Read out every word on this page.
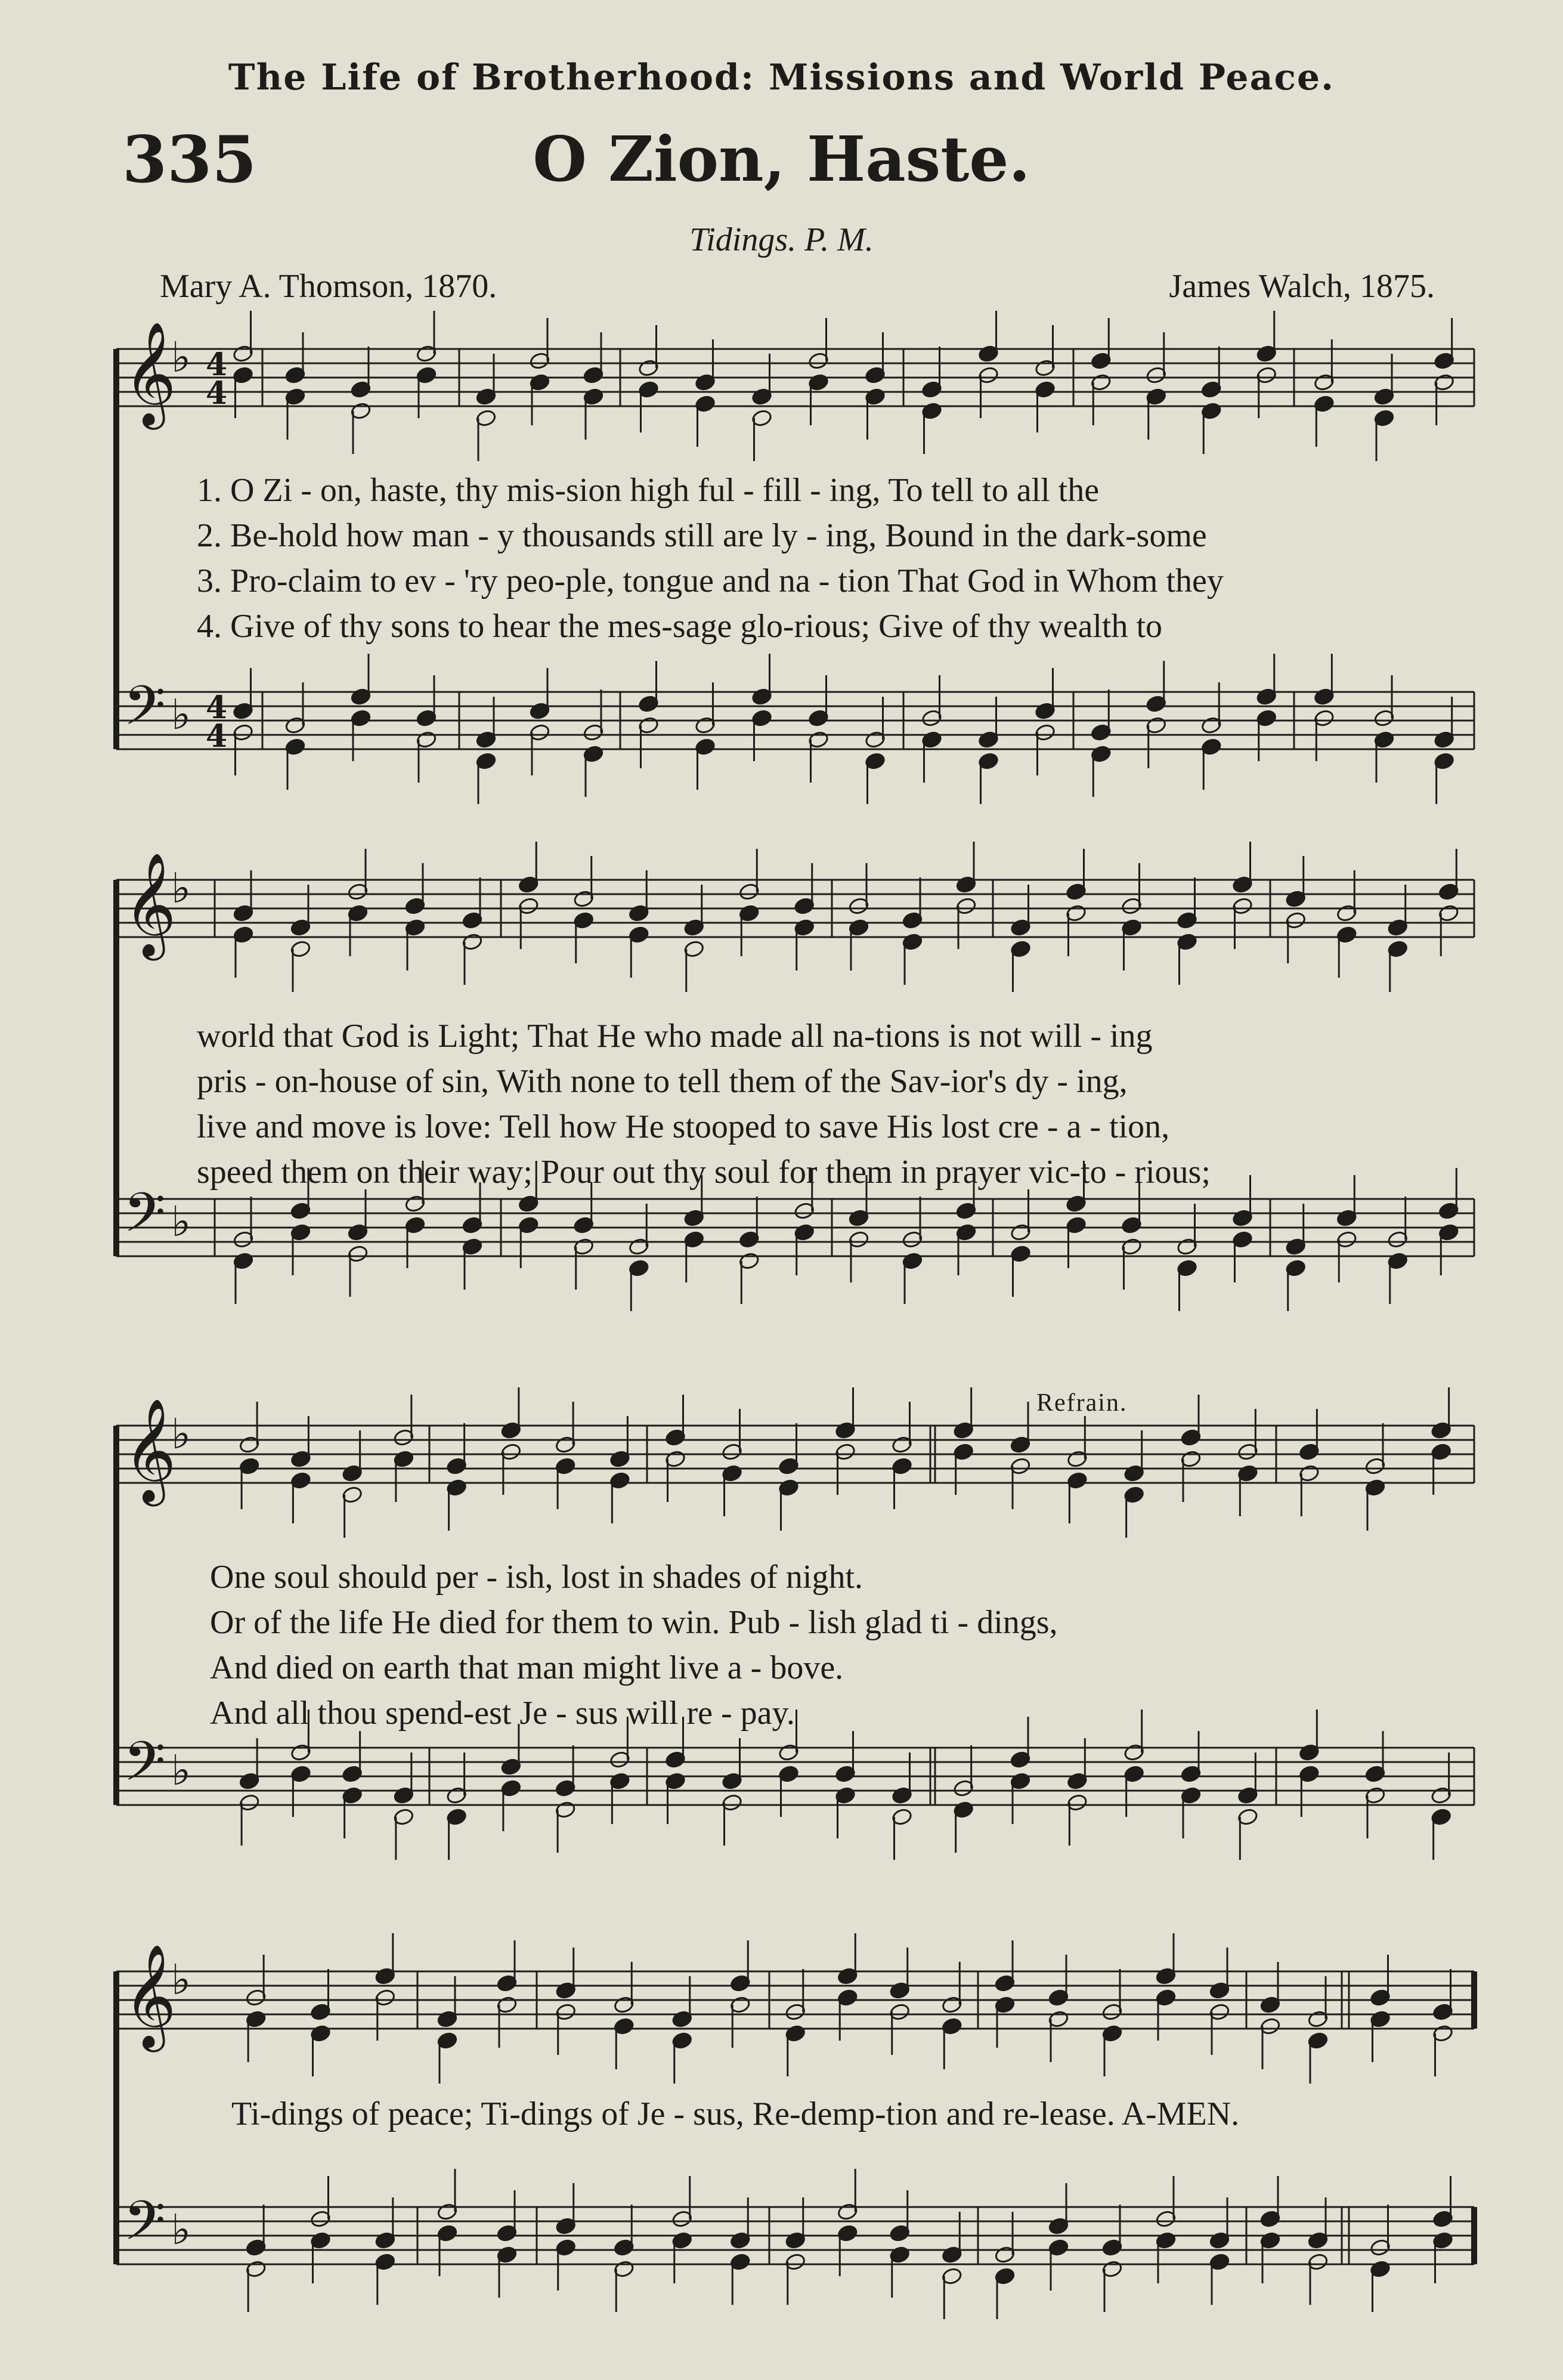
The Life of Brotherhood: Missions and World Peace.
335	O Zion, Haste.
Tidings. P. M.
Mary A. Thomson, 1870.	James Walch, 1875.
Refrain.
𝄞
♭
𝄢 ♭
𝄞
♭
𝄢 ♭
𝄞
♭
𝄢 ♭
𝄞
♭
𝄢 ♭
4
4
4
4
1. O Zi - on, haste, thy mis-sion high ful - fill - ing, To tell to all the
2. Be-hold how man - y thousands still are ly - ing, Bound in the dark-some
3. Pro-claim to ev - 'ry peo-ple, tongue and na - tion That God in Whom they
4. Give of thy sons to hear the mes-sage glo-rious; Give of thy wealth to
world that God is Light; That He who made all na-tions is not will - ing
pris - on-house of sin, With none to tell them of the Sav-ior's dy - ing,
live and move is love: Tell how He stooped to save His lost cre - a - tion,
speed them on their way; Pour out thy soul for them in prayer vic-to - rious;
One soul should per - ish, lost in shades of night.
Or of the life He died for them to win. Pub - lish glad ti - dings,
And died on earth that man might live a - bove.
And all thou spend-est Je - sus will re - pay.
Ti-dings of peace; Ti-dings of Je - sus, Re-demp-tion and re-lease. A-MEN.
